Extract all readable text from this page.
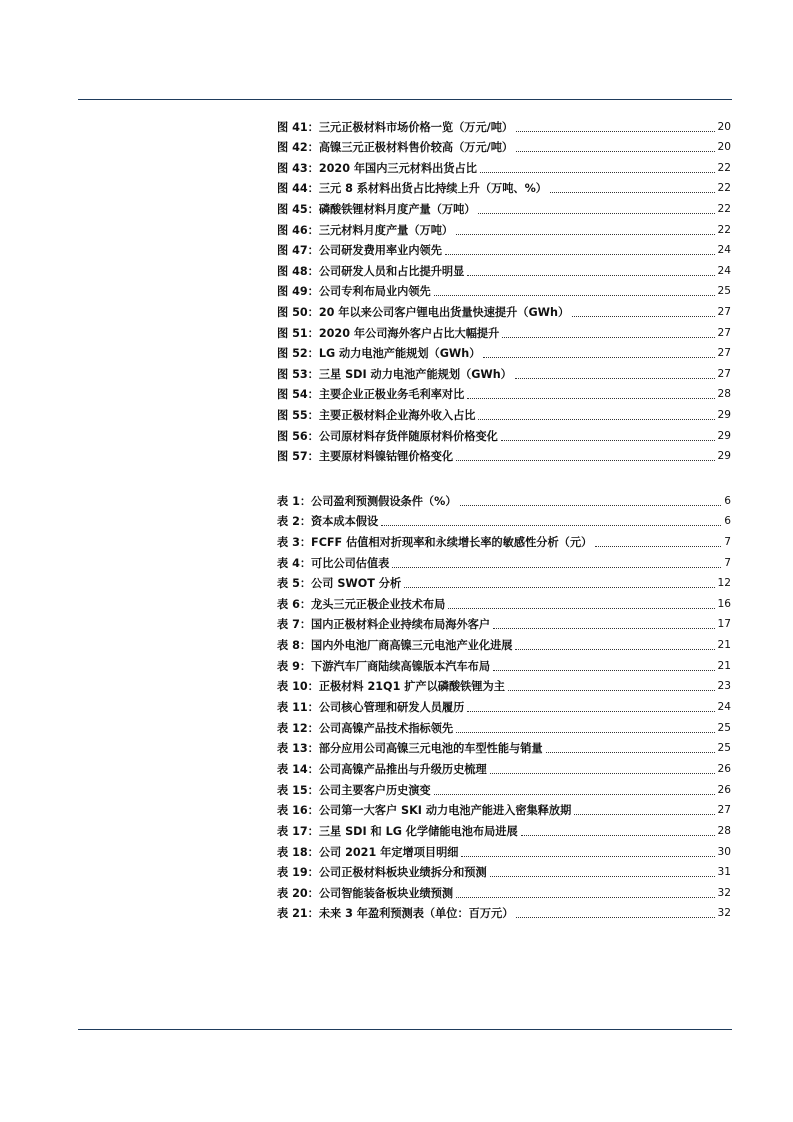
图 41：三元正极材料市场价格一览（万元/吨）	20
图 42：高镍三元正极材料售价较高（万元/吨）	20
图 43：2020 年国内三元材料出货占比	22
图 44：三元 8 系材料出货占比持续上升（万吨、%）	22
图 45：磷酸铁锂材料月度产量（万吨）	22
图 46：三元材料月度产量（万吨）	22
图 47：公司研发费用率业内领先	24
图 48：公司研发人员和占比提升明显	24
图 49：公司专利布局业内领先	25
图 50：20 年以来公司客户锂电出货量快速提升（GWh）	27
图 51：2020 年公司海外客户占比大幅提升	27
图 52：LG 动力电池产能规划（GWh）	27
图 53：三星 SDI 动力电池产能规划（GWh）	27
图 54：主要企业正极业务毛利率对比	28
图 55：主要正极材料企业海外收入占比	29
图 56：公司原材料存货伴随原材料价格变化	29
图 57：主要原材料镍钴锂价格变化	29
表 1：公司盈利预测假设条件（%）	6
表 2：资本成本假设	6
表 3：FCFF 估值相对折现率和永续增长率的敏感性分析（元）	7
表 4：可比公司估值表	7
表 5：公司 SWOT 分析	12
表 6：龙头三元正极企业技术布局	16
表 7：国内正极材料企业持续布局海外客户	17
表 8：国内外电池厂商高镍三元电池产业化进展	21
表 9：下游汽车厂商陆续高镍版本汽车布局	21
表 10：正极材料 21Q1 扩产以磷酸铁锂为主	23
表 11：公司核心管理和研发人员履历	24
表 12：公司高镍产品技术指标领先	25
表 13：部分应用公司高镍三元电池的车型性能与销量	25
表 14：公司高镍产品推出与升级历史梳理	26
表 15：公司主要客户历史演变	26
表 16：公司第一大客户 SKI 动力电池产能进入密集释放期	27
表 17：三星 SDI 和 LG 化学储能电池布局进展	28
表 18：公司 2021 年定增项目明细	30
表 19：公司正极材料板块业绩拆分和预测	31
表 20：公司智能装备板块业绩预测	32
表 21：未来 3 年盈利预测表（单位：百万元）	32
